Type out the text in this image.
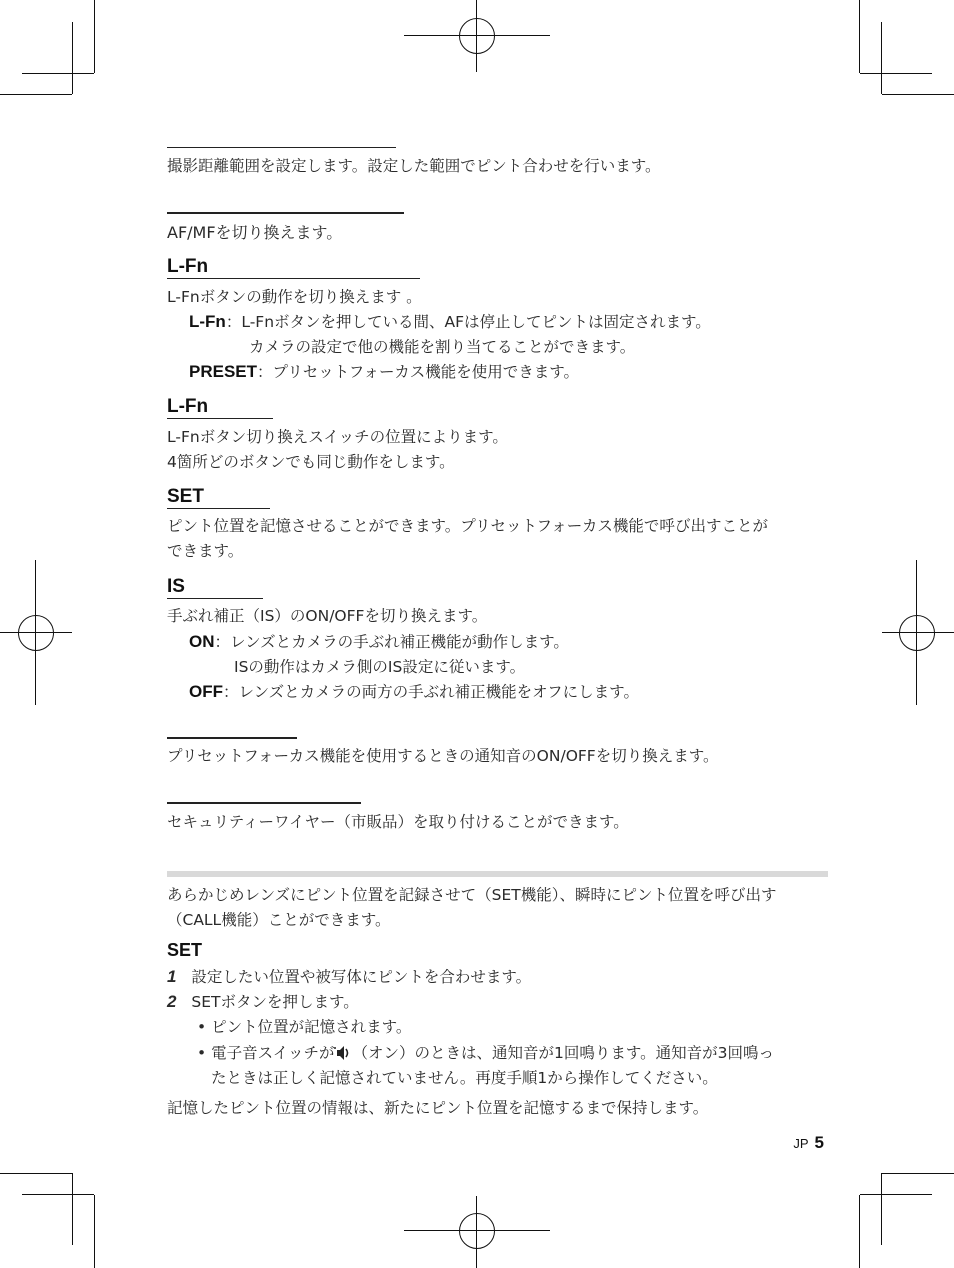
撮影距離範囲を設定します。設定した範囲でピント合わせを行います。
AF/MFを切り換えます。
L-Fn
L-Fnボタンの動作を切り換えます 。
L-Fn：L-Fnボタンを押している間、AFは停止してピントは固定されます。
カメラの設定で他の機能を割り当てることができます。
PRESET：プリセットフォーカス機能を使用できます。
L-Fn
L-Fnボタン切り換えスイッチの位置によります。
4箇所どのボタンでも同じ動作をします。
SET
ピント位置を記憶させることができます。プリセットフォーカス機能で呼び出すことが
できます。
IS
手ぶれ補正（IS）のON/OFFを切り換えます。
ON：レンズとカメラの手ぶれ補正機能が動作します。
ISの動作はカメラ側のIS設定に従います。
OFF：レンズとカメラの両方の手ぶれ補正機能をオフにします。
プリセットフォーカス機能を使用するときの通知音のON/OFFを切り換えます。
セキュリティーワイヤー（市販品）を取り付けることができます。
あらかじめレンズにピント位置を記録させて（SET機能）、瞬時にピント位置を呼び出す
（CALL機能）ことができます。
SET
1 設定したい位置や被写体にピントを合わせます。
2 SETボタンを押します。
• ピント位置が記憶されます。
• 電子音スイッチが （オン）のときは、通知音が1回鳴ります。通知音が3回鳴っ
たときは正しく記憶されていません。再度手順1から操作してください。
記憶したピント位置の情報は、新たにピント位置を記憶するまで保持します。
JP 5
